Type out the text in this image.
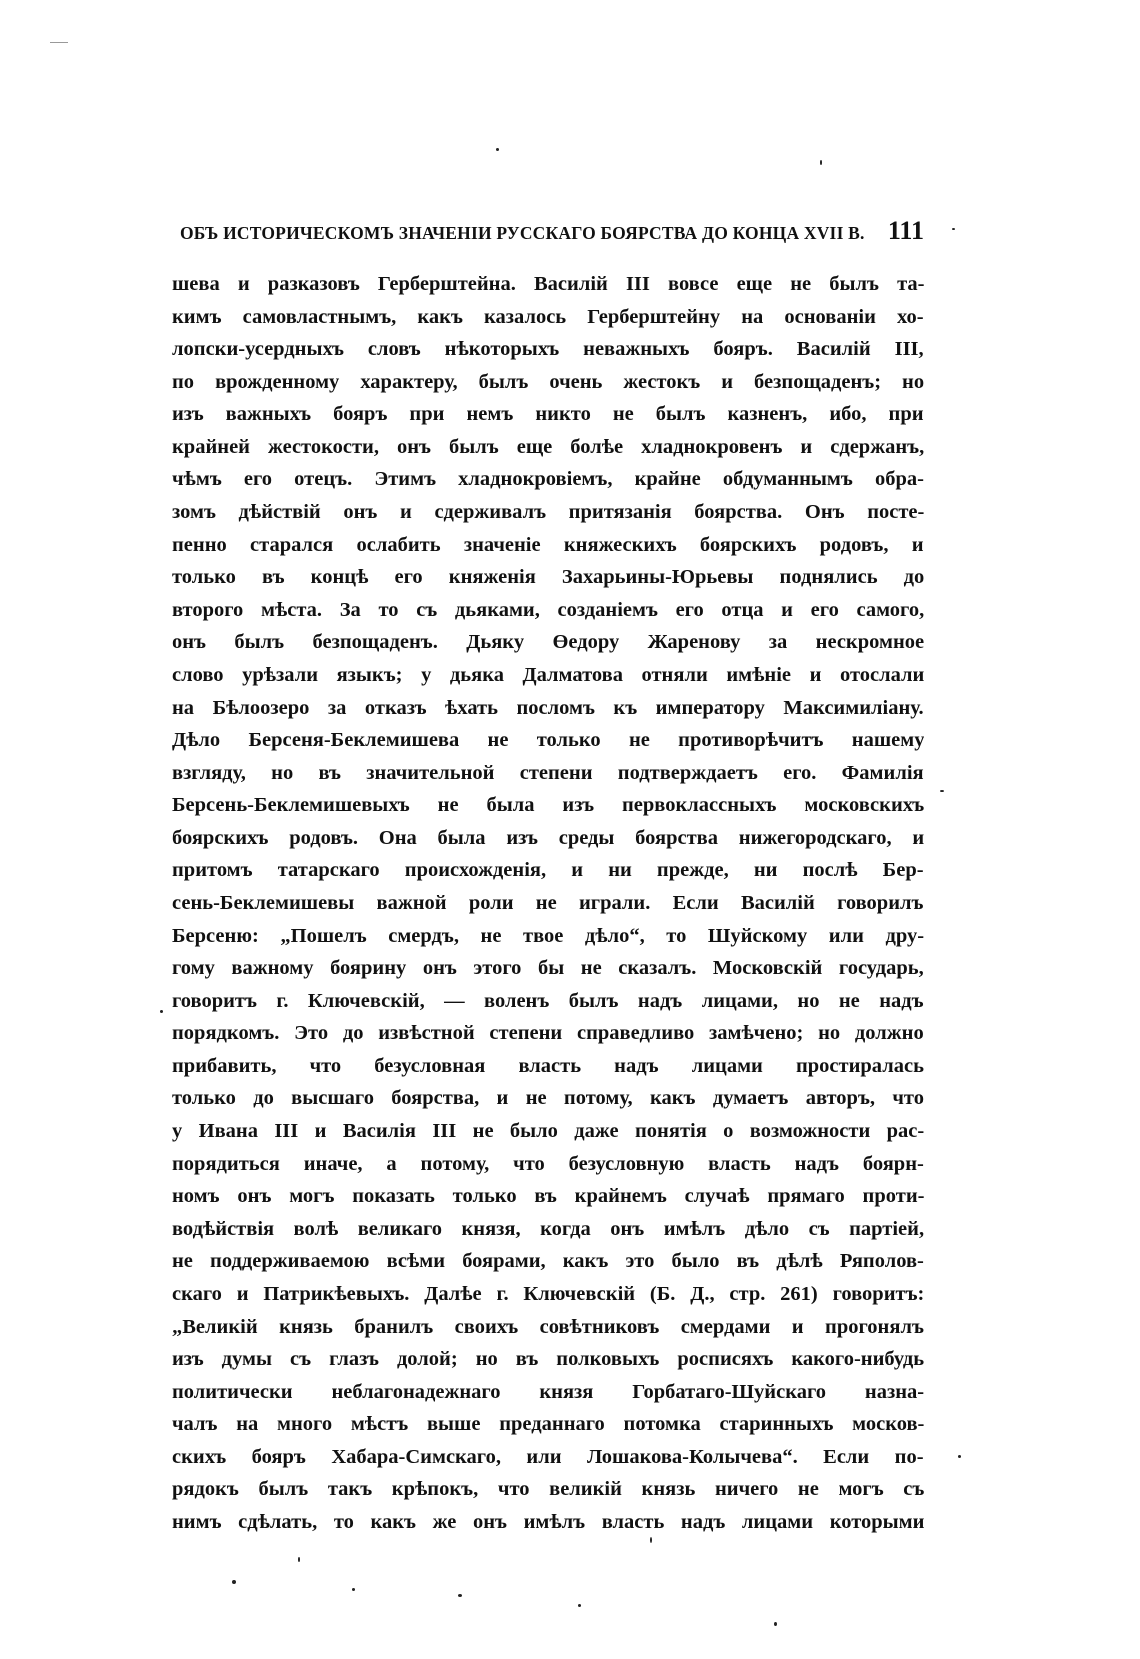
ОБЪ ИСТОРИЧЕСКОМЪ ЗНАЧЕНІИ РУССКАГО БОЯРСТВА ДО КОНЦА XVII В. 111
шева и разказовъ Герберштейна. Василій III вовсе еще не былъ та-
кимъ самовластнымъ, какъ казалось Герберштейну на основаніи хо-
лопски-усердныхъ словъ нѣкоторыхъ неважныхъ бояръ. Василій III,
по врожденному характеру, былъ очень жестокъ и безпощаденъ; но
изъ важныхъ бояръ при немъ никто не былъ казненъ, ибо, при
крайней жестокости, онъ былъ еще болѣе хладнокровенъ и сдержанъ,
чѣмъ его отецъ. Этимъ хладнокровіемъ, крайне обдуманнымъ обра-
зомъ дѣйствій онъ и сдерживалъ притязанія боярства. Онъ посте-
пенно старался ослабить значеніе княжескихъ боярскихъ родовъ, и
только въ концѣ его княженія Захарьины-Юрьевы поднялись до
второго мѣста. За то съ дьяками, созданіемъ его отца и его самого,
онъ былъ безпощаденъ. Дьяку Өедору Жаренову за нескромное
слово урѣзали языкъ; у дьяка Далматова отняли имѣніе и отослали
на Бѣлоозеро за отказъ ѣхать посломъ къ императору Максимиліану.
Дѣло Берсеня-Беклемишева не только не противорѣчитъ нашему
взгляду, но въ значительной степени подтверждаетъ его. Фамилія
Берсень-Беклемишевыхъ не была изъ первоклассныхъ московскихъ
боярскихъ родовъ. Она была изъ среды боярства нижегородскаго, и
притомъ татарскаго происхожденія, и ни прежде, ни послѣ Бер-
сень-Беклемишевы важной роли не играли. Если Василій говорилъ
Берсеню: „Пошелъ смердъ, не твое дѣло“, то Шуйскому или дру-
гому важному боярину онъ этого бы не сказалъ. Московскій государь,
говоритъ г. Ключевскій, — воленъ былъ надъ лицами, но не надъ
порядкомъ. Это до извѣстной степени справедливо замѣчено; но должно
прибавить, что безусловная власть надъ лицами простиралась
только до высшаго боярства, и не потому, какъ думаетъ авторъ, что
у Ивана III и Василія III не было даже понятія о возможности рас-
порядиться иначе, а потому, что безусловную власть надъ боярн-
номъ онъ могъ показать только въ крайнемъ случаѣ прямаго проти-
водѣйствія волѣ великаго князя, когда онъ имѣлъ дѣло съ партіей,
не поддерживаемою всѣми боярами, какъ это было въ дѣлѣ Ряполов-
скаго и Патрикѣевыхъ. Далѣе г. Ключевскій (Б. Д., стр. 261) говоритъ:
„Великій князь бранилъ своихъ совѣтниковъ смердами и прогонялъ
изъ думы съ глазъ долой; но въ полковыхъ росписяхъ какого-нибудь
политически неблагонадежнаго князя Горбатаго-Шуйскаго назна-
чалъ на много мѣстъ выше преданнаго потомка старинныхъ москов-
скихъ бояръ Хабара-Симскаго, или Лошакова-Колычева“. Если по-
рядокъ былъ такъ крѣпокъ, что великій князь ничего не могъ съ
нимъ сдѣлать, то какъ же онъ имѣлъ власть надъ лицами которыми
